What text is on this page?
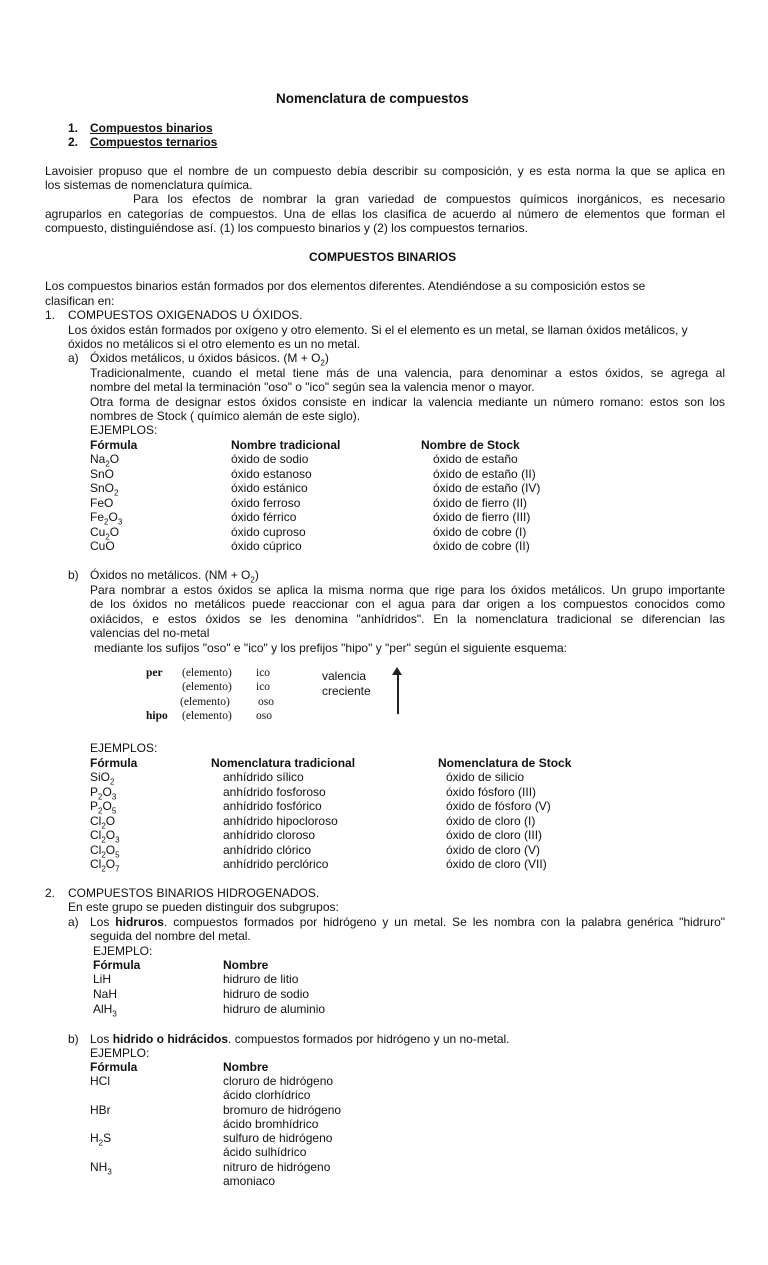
Nomenclatura de compuestos
1. Compuestos binarios
2. Compuestos ternarios
Lavoisier propuso que el nombre de un compuesto debía describir su composición, y es esta norma la que se aplica en
los sistemas de nomenclatura química.
Para los efectos de nombrar la gran variedad de compuestos químicos inorgánicos, es necesario
agruparlos en categorías de compuestos. Una de ellas los clasifica de acuerdo al número de elementos que forman el
compuesto, distinguiéndose así. (1) los compuesto binarios y (2) los compuestos ternarios.
COMPUESTOS BINARIOS
Los compuestos binarios están formados por dos elementos diferentes. Atendiéndose a su composición estos se
clasifican en:
1. COMPUESTOS OXIGENADOS U ÓXIDOS.
Los óxidos están formados por oxígeno y otro elemento. Si el el elemento es un metal, se llaman óxidos metálicos, y
óxidos no metálicos si el otro elemento es un no metal.
a) Óxidos metálicos, u óxidos básicos. $(M + O_2)$
Tradicionalmente, cuando el metal tiene más de una valencia, para denominar a estos óxidos, se agrega al
nombre del metal la terminación "oso" o "ico" según sea la valencia menor o mayor.
Otra forma de designar estos óxidos consiste en indicar la valencia mediante un número romano: estos son los
nombres de Stock ( químico alemán de este siglo).
EJEMPLOS:
Fórmula	Nombre tradicional	Nombre de Stock
b) Óxidos no metálicos. $(NM + O_2)$
Para nombrar a estos óxidos se aplica la misma norma que rige para los óxidos metálicos. Un grupo importante
de los óxidos no metálicos puede reaccionar con el agua para dar origen a los compuestos conocidos como
oxiácidos, e estos óxidos se les denomina "anhídridos". En la nomenclatura tradicional se diferencian las
valencias del no-metal
mediante los sufijos "oso" e "ico" y los prefijos "hipo" y "per" según el siguiente esquema:
per (elemento) ico
(elemento) ico
(elemento) oso
hipo (elemento) oso
valencia
creciente
EJEMPLOS:
Fórmula	Nomenclatura tradicional	Nomenclatura de Stock
2. COMPUESTOS BINARIOS HIDROGENADOS.
En este grupo se pueden distinguir dos subgrupos:
a) Los hidruros. compuestos formados por hidrógeno y un metal. Se les nombra con la palabra genérica "hidruro"
seguida del nombre del metal.
EJEMPLO:
Fórmula	Nombre
b) Los hidrido o hidrácidos. compuestos formados por hidrógeno y un no-metal.
EJEMPLO:
Fórmula	Nombre
$Na_2O$	óxido de sodio	óxido de estaño
SnO	óxido estanoso	óxido de estaño (II)
SnO$_2$	óxido estánico	óxido de estaño (IV)
FeO	óxido ferroso	óxido de fierro (II)
$Fe_2O_3$	óxido férrico	óxido de fierro (III)
$Cu_2O$	óxido cuproso	óxido de cobre (I)
CuO	óxido cúprico	óxido de cobre (II)
SiO$_2$	anhídrido sílico	óxido de silicio
$P_2O_3$	anhídrido fosforoso	óxido fósforo (III)
$P_2O_5$	anhídrido fosfórico	óxido de fósforo (V)
$Cl_2O$	anhídrido hipocloroso	óxido de cloro (I)
$Cl_2O_3$	anhídrido cloroso	óxido de cloro (III)
$Cl_2O_5$	anhídrido clórico	óxido de cloro (V)
$Cl_2O_7$	anhídrido perclórico	óxido de cloro (VII)
LiH	hidruro de litio
NaH	hidruro de sodio
AlH$_3$	hidruro de aluminio
HCl	cloruro de hidrógeno
ácido clorhídrico
HBr	bromuro de hidrógeno
ácido bromhídrico
$H_2S$	sulfuro de hidrógeno
ácido sulhídrico
$NH_3$	nitruro de hidrógeno
amoniaco
